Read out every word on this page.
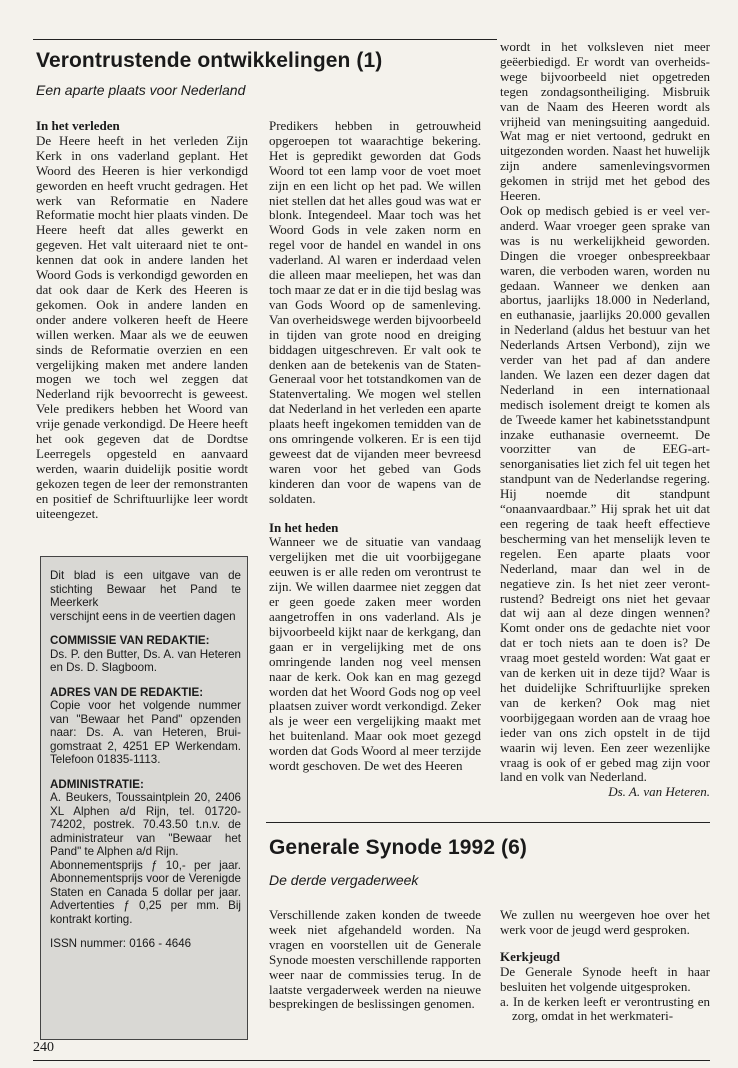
Verontrustende ontwikkelingen (1)
Een aparte plaats voor Nederland

In het verleden

De Heere heeft in het verleden Zijn Kerk in ons vaderland geplant. Het Woord des Heeren is hier verkondigd geworden en heeft vrucht gedragen. Het werk van Reformatie en Nadere Reformatie mocht hier plaats vinden. De Heere heeft dat alles gewerkt en gegeven. Het valt uiteraard niet te ontkennen dat ook in andere landen het Woord Gods is verkondigd geworden en dat ook daar de Kerk des Heeren is gekomen. Ook in andere landen en onder andere volkeren heeft de Heere willen werken. Maar als we de eeuwen sinds de Reformatie overzien en een vergelijking maken met andere landen mogen we toch wel zeggen dat Nederland rijk bevoorrecht is geweest. Vele predikers hebben het Woord van vrije genade verkondigd. De Heere heeft het ook gegeven dat de Dordtse Leerregels opgesteld en aanvaard werden, waarin duidelijk positie wordt gekozen tegen de leer der remonstranten en positief de Schriftuurlijke leer wordt uiteengezet.

Predikers hebben in getrouwheid opgeroepen tot waarachtige bekering. Het is gepredikt geworden dat Gods Woord tot een lamp voor de voet moet zijn en een licht op het pad. We willen niet stellen dat het alles goud was wat er blonk. Integendeel. Maar toch was het Woord Gods in vele zaken norm en regel voor de handel en wandel in ons vaderland. Al waren er inderdaad velen die alleen maar meeliepen, het was dan toch maar ze dat er in die tijd beslag was van Gods Woord op de samenleving. Van overheidswege werden bijvoorbeeld in tijden van grote nood en dreiging biddagen uitgeschreven. Er valt ook te denken aan de betekenis van de Staten-Generaal voor het totstandkomen van de Statenvertaling. We mogen wel stellen dat Nederland in het verleden een aparte plaats heeft ingekomen temidden van de ons omringende volkeren. Er is een tijd geweest dat de vijanden meer bevreesd waren voor het gebed van Gods kinderen dan voor de wapens van de soldaten.

In het heden

Wanneer we de situatie van vandaag vergelijken met die uit voorbijgegane eeuwen is er alle reden om verontrust te zijn. We willen daarmee niet zeggen dat er geen goede zaken meer worden aangetroffen in ons vaderland. Als je bijvoorbeeld kijkt naar de kerkgang, dan gaan er in vergelijking met de ons omringende landen nog veel mensen naar de kerk. Ook kan en mag gezegd worden dat het Woord Gods nog op veel plaatsen zuiver wordt verkondigd. Zeker als je weer een vergelijking maakt met het buitenland. Maar ook moet gezegd worden dat Gods Woord al meer terzijde wordt geschoven. De wet des Heeren

wordt in het volksleven niet meer geëerbiedigd. Er wordt van overheidswege bijvoorbeeld niet opgetreden tegen zondagsontheiliging. Misbruik van de Naam des Heeren wordt als vrijheid van meningsuiting aangeduid. Wat mag er niet vertoond, gedrukt en uitgezonden worden. Naast het huwelijk zijn andere samenlevingsvormen gekomen in strijd met het gebod des Heeren.

Ook op medisch gebied is er veel veranderd. Waar vroeger geen sprake van was is nu werkelijkheid geworden. Dingen die vroeger onbespreekbaar waren, die verboden waren, worden nu gedaan. Wanneer we denken aan abortus, jaarlijks 18.000 in Nederland, en euthanasie, jaarlijks 20.000 gevallen in Nederland (aldus het bestuur van het Nederlands Artsen Verbond), zijn we verder van het pad af dan andere landen. We lazen een dezer dagen dat Nederland in een internationaal medisch isolement dreigt te komen als de Tweede kamer het kabinetsstandpunt inzake euthanasie overneemt. De voorzitter van de EEG-artsenorganisaties liet zich fel uit tegen het standpunt van de Nederlandse regering. Hij noemde dit standpunt “onaanvaardbaar.” Hij sprak het uit dat een regering de taak heeft effectieve bescherming van het menselijk leven te regelen. Een aparte plaats voor Nederland, maar dan wel in de negatieve zin. Is het niet zeer verontrustend? Bedreigt ons niet het gevaar dat wij aan al deze dingen wennen? Komt onder ons de gedachte niet voor dat er toch niets aan te doen is? De vraag moet gesteld worden: Wat gaat er van de kerken uit in deze tijd? Waar is het duidelijke Schriftuurlijke spreken van de kerken? Ook mag niet voorbijgegaan worden aan de vraag hoe ieder van ons zich opstelt in de tijd waarin wij leven. Een zeer wezenlijke vraag is ook of er gebed mag zijn voor land en volk van Nederland.

Ds. A. van Heteren.

Dit blad is een uitgave van de stichting Bewaar het Pand te Meerkerk

verschijnt eens in de veertien dagen

COMMISSIE VAN REDAKTIE:

Ds. P. den Butter, Ds. A. van Heteren en Ds. D. Slagboom.

ADRES VAN DE REDAKTIE:

Copie voor het volgende nummer van "Bewaar het Pand" opzenden naar: Ds. A. van Heteren, Bruigomstraat 2, 4251 EP Werkendam. Telefoon 01835-1113.

ADMINISTRATIE:

A. Beukers, Toussaintplein 20, 2406 XL Alphen a/d Rijn, tel. 01720-74202, postrek. 70.43.50 t.n.v. de administrateur van "Bewaar het Pand" te Alphen a/d Rijn.

Abonnementsprijs ƒ 10,- per jaar. Abonnementsprijs voor de Verenigde Staten en Canada 5 dollar per jaar. Advertenties ƒ 0,25 per mm. Bij kontrakt korting.

ISSN nummer: 0166 - 4646

Generale Synode 1992 (6)
De derde vergaderweek

Verschillende zaken konden de tweede week niet afgehandeld worden. Na vragen en voorstellen uit de Generale Synode moesten verschillende rapporten weer naar de commissies terug. In de laatste vergaderweek werden na nieuwe besprekingen de beslissingen genomen.

We zullen nu weergeven hoe over het werk voor de jeugd werd gesproken.

Kerkjeugd

De Generale Synode heeft in haar besluiten het volgende uitgesproken.

a. In de kerken leeft er verontrusting en zorg, omdat in het werkmateri-

240
